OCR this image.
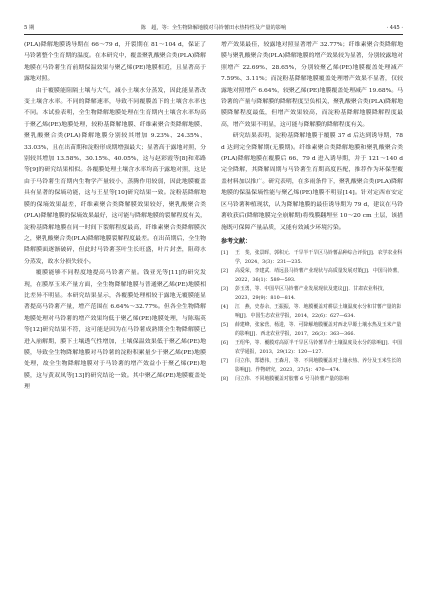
5 期	陈　超，等：全生物降解地膜对马铃薯田水热特性及产量的影响	· 445 ·

(PLA)降解地膜诱导期在 66～79 d，开裂期在 81～104 d，保证了马铃薯整个生育期的温度。在本研究中，覆盖聚乳酸聚合类(PLA)降解地膜在马铃薯生育前期保温效果与聚乙烯(PE)地膜相近，且显著高于露地对照。

由于覆膜能阻隔土壤与大气，减小土壤水分蒸发，因此能显著改变土壤含水率。不同的降解速率，导致不同覆膜盖下的土壤含水率也不同。本试验表明，全生物降解地膜处理在生育期内土壤含水率均高于聚乙烯(PE)地膜处理，较粉基降解地膜、纤维素聚合类降解地膜、聚乳酸聚合类(PLA)降解地膜分别较其增加 9.23%、24.35%、33.03%，且在出苗期和淀粉形成期增强最大；显著高于露地对照，分别较其增加 13.58%、30.15%、40.05%，这与赵彩霞等[8]和邓路等[9]的研究结果相似。各覆膜处理土壤含水率均高于露地对照，这是由于马铃薯生育期内生物学产量较小，蒸腾作用较弱，因此地膜覆盖具有显著的保墒功能，这与王星等[10]研究结果一致。淀粉基降解地膜的保墒效果最差，纤维素聚合类降解膜效果较好，聚乳酸聚合类(PLA)降解地膜的保墒效果最好，这可能与降解地膜的裂解程度有关，淀粉基降解地膜在同一时间下裂解程度最高，纤维素聚合类降解膜次之，聚乳酸聚合类(PLA)降解地膜裂解程度最差。在出苗期后，全生物降解膜面逐渐破碎，但此时马铃薯茎叶生长旺盛，叶片封垄，阻碍水分蒸发，故水分损失较小。

覆膜能够不同程度地提高马铃薯产量。钱亚光等[11]的研究发现，在膜厚玉米产量方面，全生物降解地膜与普通聚乙烯(PE)地膜相比差异不明显。本研究结果显示，各覆膜处理相较于露地无覆膜能显著提高马铃薯产量，增产范围在 6.64%～32.77%。但各全生物降解地膜处理对马铃薯的增产效果均低于聚乙烯(PE)地膜处理，与陈瑞英等[12]研究结果不符，这可能是因为在马铃薯成熟期全生物降解膜已进入崩解期，膜下土壤透气性增加，土壤保温效果低于聚乙烯(PE)地膜，导致全生物降解地膜对马铃薯的淀粉积累量少于聚乙烯(PE)地膜处理，故全生物降解地膜对于马铃薯的增产效益小于聚乙烯(PE)地膜，这与黄双凤等[13]的研究结论一致。其中聚乙烯(PE)地膜覆盖处理

增产效果最佳，较露地对照显著增产 32.77%；纤维素聚合类降解地膜与聚乳酸聚合类(PLA)降解地膜的增产效果较为显著，分别较露地对照增产 22.69%、28.65%，分别较聚乙烯(PE)地膜覆盖处理减产 7.59%、3.11%；而淀粉基降解地膜覆盖处理增产效果不显著，仅较露地对照增产 6.64%，较聚乙烯(PE)地膜覆盖处理减产 19.68%。马铃薯的产量与降解膜的降解程度呈负相关，聚乳酸聚合类(PLA)降解地膜降解程度最低，但增产效果较高，而淀粉基降解地膜降解程度最高，增产效果不明显，这可能与降解膜的降解程度有关。

研究结果表明，淀粉基降解地膜于覆膜 37 d 后达到诱导期，78 d 达到完全降解期(无膜期)。纤维素聚合类降解地膜和聚乳酸聚合类(PLA)降解地膜在覆膜后 66、79 d 进入诱导期，并于 121～140 d 完全降解，其降解周期与马铃薯生育期高度匹配，推荐作为环保型覆盖材料加以推广。研究表明，在多雨条件下，聚乳酸聚合类(PLA)降解地膜的保温保墒性能与聚乙烯(PE)地膜不明显[14]。针对定西市安定区马铃薯种植现状，认为降解地膜的最佳诱导期为 79 d，建议在马铃薯收获后(降解地膜完全崩解期)将残膜翻埋至 10～20 cm 土层，该措施既可保障产量品质，又能有效减少环境污染。

参考文献：
[1] 王　斐，张景晖，郭积元．干旱半干旱区马铃薯品种综合评价[J]．农学农业科学，2024，3(3)：231—235.
[2] 高爱荣，李建武．靖远县马铃薯产业现状与高质量发展对策[J]．中国马铃薯，2022，36(1)：589—593.
[3] 彭玉勇，等．中国早区马铃薯产业发展现状及建议[J]．甘肃农业科技，2023，29(9)：810—814.
[4] 江　燕，史春余，王振振，等．地膜覆盖对耕层土壤温度水分和甘薯产量的影响[J]．中国生态农业学报，2014，22(6)：627—634.
[5] 薛建峰，张家营，杨进，等．可降解地膜覆盖对西北早塬土壤水热及玉米产量的影响[J]．西北农业学报，2017，26(3)：363—366.
[6] 王绍华，等．覆膜对高原半干旱区马铃薯旱作土壤温度及水分的影响[J]．中国农学通报，2013，29(12)：120—127.
[7] 闫立伟，郑德伟，王森月，等．不同地膜覆盖对土壤水热、养分及玉米生长的影响[J]．作物研究，2023，37(5)：470—474.
[8] 闫立伟．不同地膜覆盖对胶薯 6 号马铃薯产量的影响
